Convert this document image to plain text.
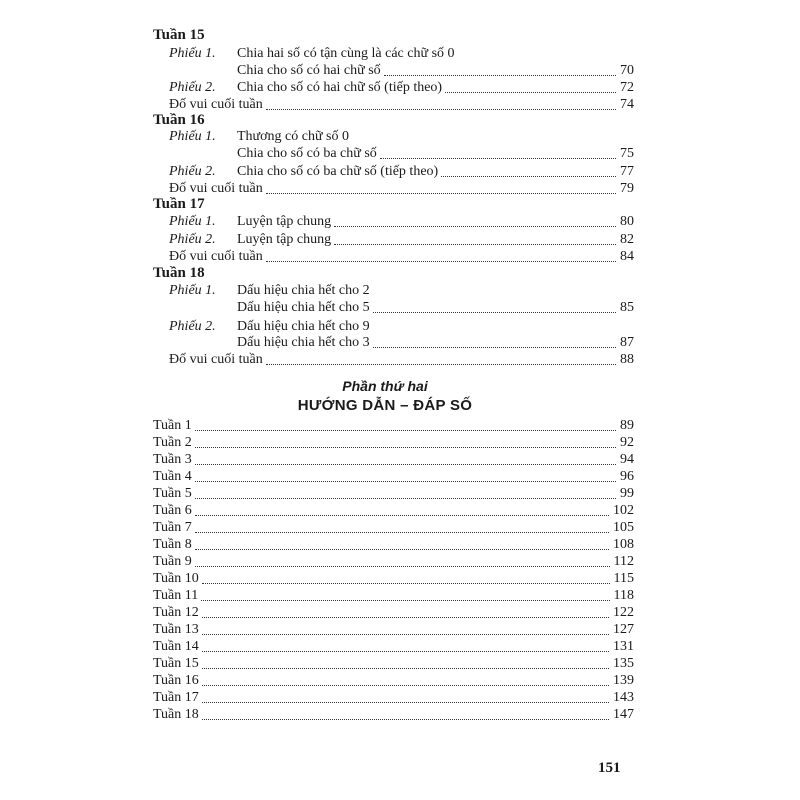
Tuần 15
Phiếu 1. Chia hai số có tận cùng là các chữ số 0
Chia cho số có hai chữ số	70
Phiếu 2. Chia cho số có hai chữ số (tiếp theo)	72
Đố vui cuối tuần	74
Tuần 16
Phiếu 1. Thương có chữ số 0
Chia cho số có ba chữ số	75
Phiếu 2. Chia cho số có ba chữ số (tiếp theo)	77
Đố vui cuối tuần	79
Tuần 17
Phiếu 1. Luyện tập chung	80
Phiếu 2. Luyện tập chung	82
Đố vui cuối tuần	84
Tuần 18
Phiếu 1. Dấu hiệu chia hết cho 2
Dấu hiệu chia hết cho 5	85
Phiếu 2. Dấu hiệu chia hết cho 9
Dấu hiệu chia hết cho 3	87
Đố vui cuối tuần	88
Phần thứ hai
HƯỚNG DẪN – ĐÁP SỐ
Tuần 1	89
Tuần 2	92
Tuần 3	94
Tuần 4	96
Tuần 5	99
Tuần 6	102
Tuần 7	105
Tuần 8	108
Tuần 9	112
Tuần 10	115
Tuần 11	118
Tuần 12	122
Tuần 13	127
Tuần 14	131
Tuần 15	135
Tuần 16	139
Tuần 17	143
Tuần 18	147
151
